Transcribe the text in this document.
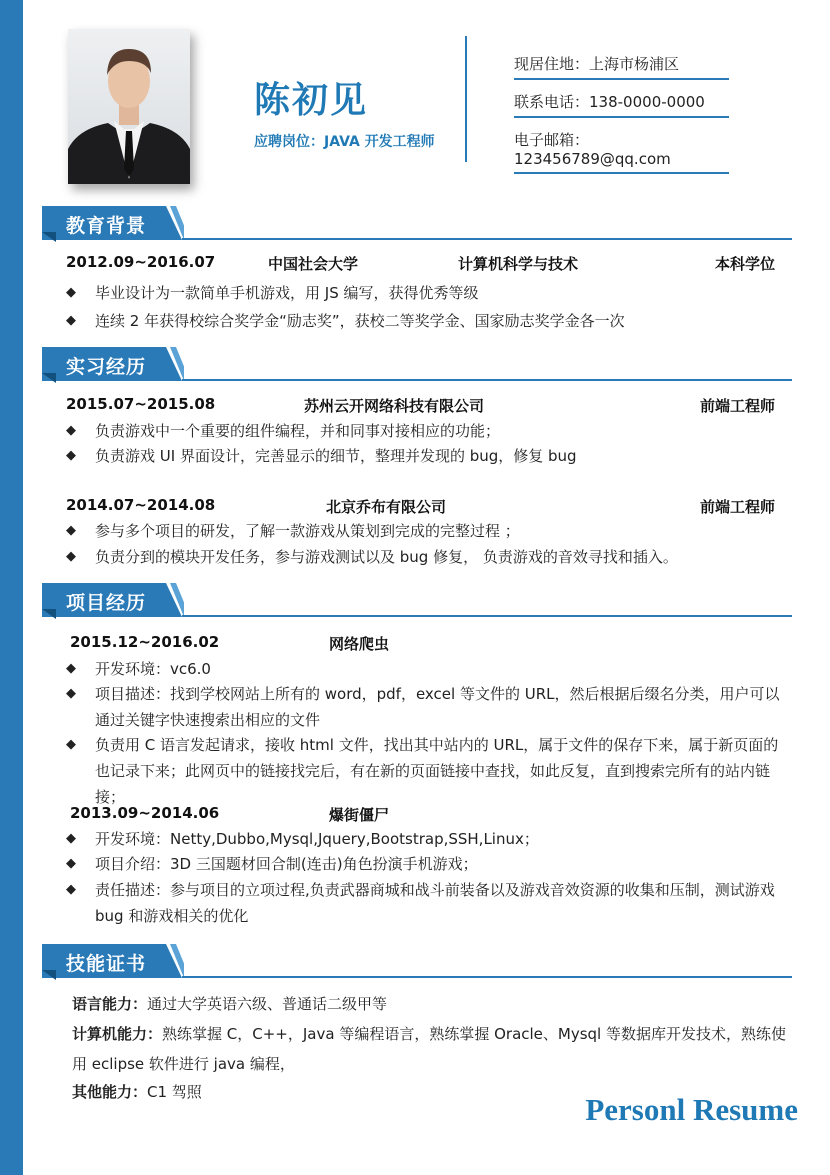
陈初见
应聘岗位：JAVA 开发工程师
现居住地：上海市杨浦区
联系电话：138-0000-0000
电子邮箱：123456789@qq.com
教育背景
2012.09~2016.07	中国社会大学	计算机科学与技术	本科学位
◆	毕业设计为一款简单手机游戏，用 JS 编写，获得优秀等级
◆	连续 2 年获得校综合奖学金“励志奖”，获校二等奖学金、国家励志奖学金各一次
实习经历
2015.07~2015.08	苏州云开网络科技有限公司	前端工程师
◆	负责游戏中一个重要的组件编程，并和同事对接相应的功能；
◆	负责游戏 UI 界面设计，完善显示的细节，整理并发现的 bug，修复 bug
2014.07~2014.08	北京乔布有限公司	前端工程师
◆	参与多个项目的研发，了解一款游戏从策划到完成的完整过程 ；
◆	负责分到的模块开发任务，参与游戏测试以及 bug 修复， 负责游戏的音效寻找和插入。
项目经历
2015.12~2016.02	网络爬虫
◆	开发环境：vc6.0
◆	项目描述：找到学校网站上所有的 word，pdf，excel 等文件的 URL，然后根据后缀名分类，用户可以通过关键字快速搜索出相应的文件
◆	负责用 C 语言发起请求，接收 html 文件，找出其中站内的 URL，属于文件的保存下来，属于新页面的也记录下来；此网页中的链接找完后，有在新的页面链接中查找，如此反复，直到搜索完所有的站内链接；
2013.09~2014.06	爆街僵尸
◆	开发环境：Netty,Dubbo,Mysql,Jquery,Bootstrap,SSH,Linux；
◆	项目介绍：3D 三国题材回合制(连击)角色扮演手机游戏；
◆	责任描述：参与项目的立项过程,负责武器商城和战斗前装备以及游戏音效资源的收集和压制，测试游戏 bug 和游戏相关的优化
技能证书
语言能力：通过大学英语六级、普通话二级甲等
计算机能力：熟练掌握 C，C++，Java 等编程语言，熟练掌握 Oracle、Mysql 等数据库开发技术，熟练使用 eclipse 软件进行 java 编程，
其他能力：C1 驾照	Personl Resume
